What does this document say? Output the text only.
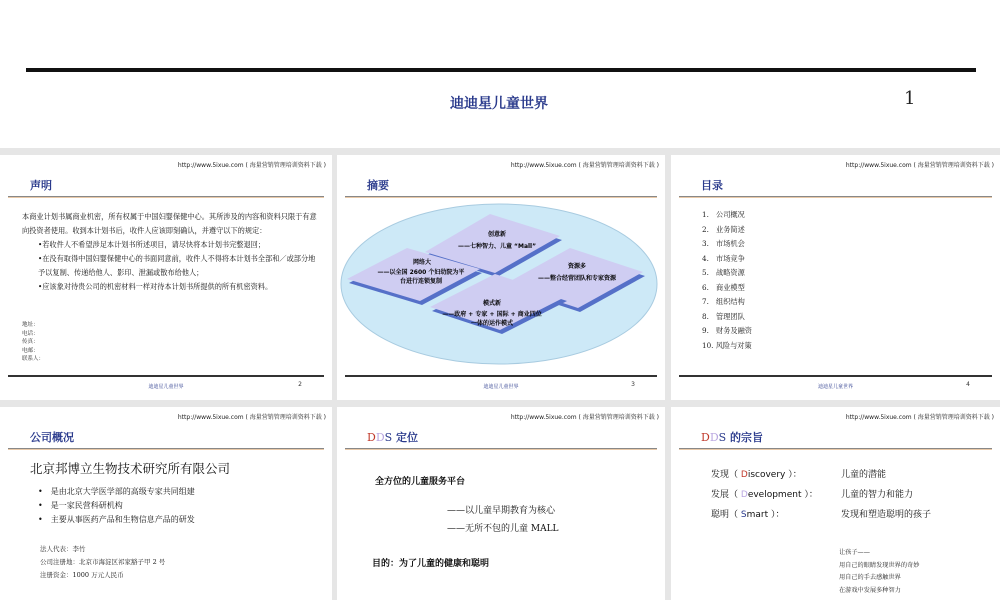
迪迪星儿童世界	1
http://www.5ixue.com ( 海量营销管理培训资料下载 )
声明
本商业计划书属商业机密，所有权属于中国妇婴保健中心。其所涉及的内容和资料只限于有意向投资者使用。收到本计划书后，收件人应该即刻确认，并遵守以下的规定：
•若收件人不希望涉足本计划书所述项目，请尽快将本计划书完整退回；
•在没有取得中国妇婴保健中心的书面同意前，收件人不得将本计划书全部和／或部分地予以复制、传递给他人、影印、泄漏或散布给他人；
•应该象对待贵公司的机密材料一样对待本计划书所提供的所有机密资料。
地址：
电话：
传真：
电邮：
联系人：
迪迪星儿童世界	2
http://www.5ixue.com ( 海量营销管理培训资料下载 )
摘要
创意新
——七种智力、儿童 “Mall”
网络大
——以全国 2600 个妇幼院为平台进行连锁复制
资源多
——整合经营团队和专家资源
模式新
——政府 + 专家 + 国际 + 商业四位一体的运作模式
迪迪星儿童世界	3
http://www.5ixue.com ( 海量营销管理培训资料下载 )
目录
1.　公司概况
2.　业务简述
3.　市场机会
4.　市场竞争
5.　战略资源
6.　商业模型
7.　组织结构
8.　管理团队
9.　财务及融资
10. 风险与对策
迪迪星儿童世界	4
http://www.5ixue.com ( 海量营销管理培训资料下载 )
公司概况
北京邦博立生物技术研究所有限公司
•　是由北京大学医学部的高级专家共同组建
•　是一家民营科研机构
•　主要从事医药产品和生物信息产品的研发
法人代表：李竹
公司注册地：北京市海淀区祁家豁子甲 2 号
注册资金：1000 万元人民币
http://www.5ixue.com ( 海量营销管理培训资料下载 )
DDS 定位
全方位的儿童服务平台
——以儿童早期教育为核心
——无所不包的儿童 MALL
目的：为了儿童的健康和聪明
http://www.5ixue.com ( 海量营销管理培训资料下载 )
DDS 的宗旨
发现（ Discovery ）：	儿童的潜能
发展（ Development ）：	儿童的智力和能力
聪明（ Smart ）：	发现和塑造聪明的孩子
让孩子——
用自己的眼睛发现世界的奇妙
用自己的手去感触世界
在游戏中发展多种智力
